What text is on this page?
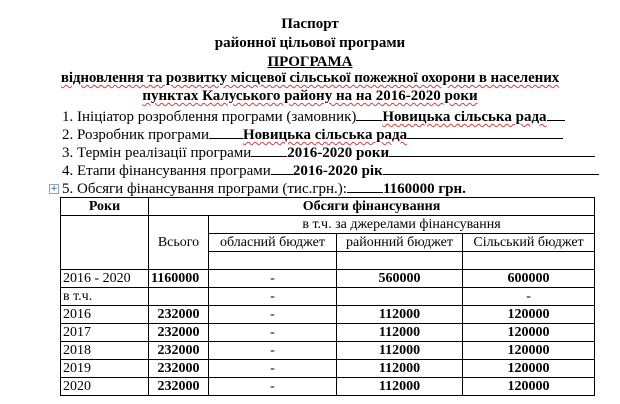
Паспорт
районної цільової програми
ПРОГРАМА
відновлення та розвитку місцевої сільської пожежної охорони в населених
пунктах Калуського району на на 2016-2020 роки
1. Ініціатор розроблення програми (замовник) Новицька сільська рада
2. Розробник програми Новицька сільська рада
3. Термін реалізації програми 2016-2020 роки
4. Етапи фінансування програми 2016-2020 рік
+ 5. Обсяги фінансування програми (тис.грн.): 1160000 грн.
Роки	Обсяги фінансування			
	Всього	в т.ч. за джерелами фінансування		
		обласний бюджет	районний бюджет	Сільський бюджет

2016 - 2020	1160000	-	560000	600000
в т.ч.		-		-
2016	232000	-	112000	120000
2017	232000	-	112000	120000
2018	232000	-	112000	120000
2019	232000	-	112000	120000
2020	232000	-	112000	120000
